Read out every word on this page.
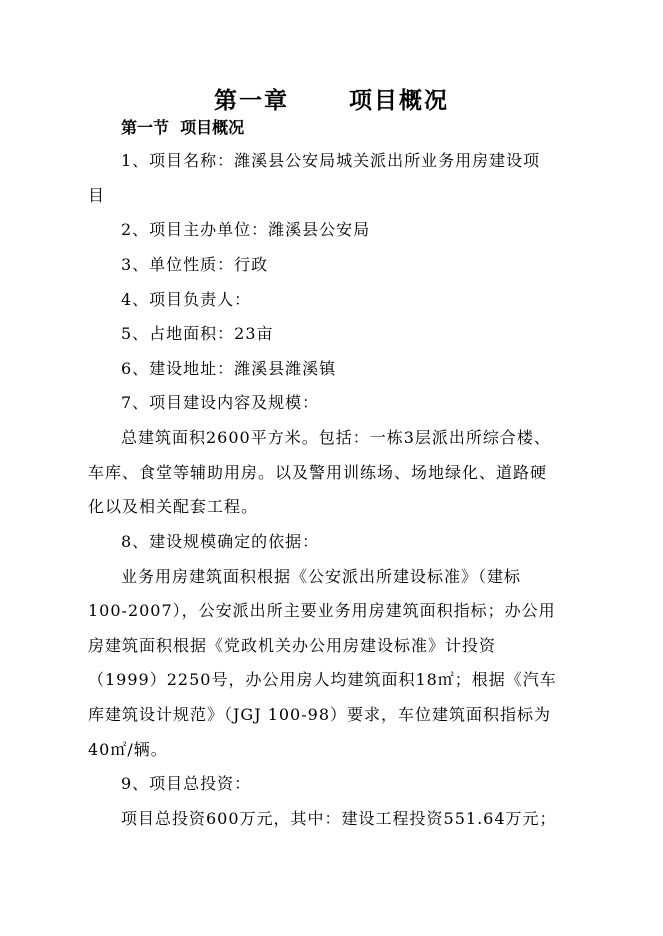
第一章      项目概况
第一节  项目概况
1、项目名称：潍溪县公安局城关派出所业务用房建设项
目
2、项目主办单位：潍溪县公安局
3、单位性质：行政
4、项目负责人：
5、占地面积：23亩
6、建设地址：潍溪县潍溪镇
7、项目建设内容及规模：
总建筑面积2600平方米。包括：一栋3层派出所综合楼、
车库、食堂等辅助用房。以及警用训练场、场地绿化、道路硬
化以及相关配套工程。
8、建设规模确定的依据：
业务用房建筑面积根据《公安派出所建设标准》（建标
100-2007），公安派出所主要业务用房建筑面积指标；办公用
房建筑面积根据《党政机关办公用房建设标准》计投资
（1999）2250号，办公用房人均建筑面积18㎡；根据《汽车
库建筑设计规范》（JGJ 100-98）要求，车位建筑面积指标为
40㎡/辆。
9、项目总投资：
项目总投资600万元，其中：建设工程投资551.64万元；
